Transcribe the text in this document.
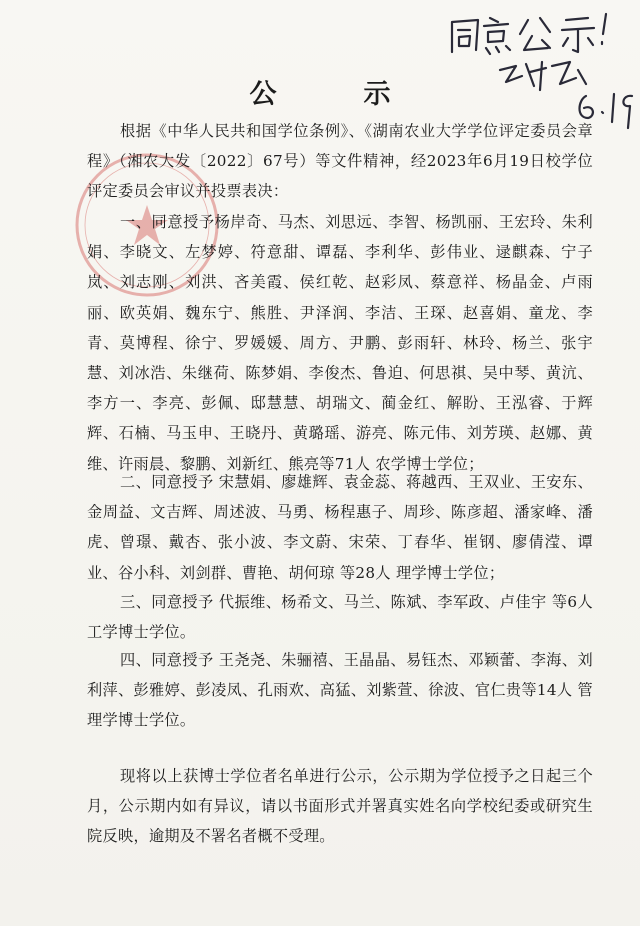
公　示

根据《中华人民共和国学位条例》、《湖南农业大学学位评定委员会章程》（湘农大发〔2022〕67号）等文件精神，经2023年6月19日校学位评定委员会审议并投票表决：

一、同意授予杨岸奇、马杰、刘思远、李智、杨凯丽、王宏玲、朱利娟、李晓文、左梦婷、符意甜、谭磊、李利华、彭伟业、逯麒森、宁子岚、刘志刚、刘洪、吝美霞、侯红乾、赵彩凤、蔡意祥、杨晶金、卢雨丽、欧英娟、魏东宁、熊胜、尹泽润、李洁、王琛、赵喜娟、童龙、李青、莫博程、徐宁、罗媛媛、周方、尹鹏、彭雨轩、林玲、杨兰、张宇慧、刘冰浩、朱继荷、陈梦娟、李俊杰、鲁迫、何思祺、吴中琴、黄沆、李方一、李亮、彭佩、邸慧慧、胡瑞文、蔺金红、解盼、王泓睿、于辉辉、石楠、马玉申、王晓丹、黄璐瑶、游亮、陈元伟、刘芳瑛、赵娜、黄维、许雨晨、黎鹏、刘新红、熊亮等71人 农学博士学位；

二、同意授予 宋慧娟、廖雄辉、袁金蕊、蒋越西、王双业、王安东、金周益、文吉辉、周述波、马勇、杨程惠子、周珍、陈彦超、潘家峰、潘虎、曾璟、戴杏、张小波、李文蔚、宋荣、丁春华、崔钢、廖倩滢、谭业、谷小科、刘剑群、曹艳、胡何琼 等28人 理学博士学位；

三、同意授予 代振维、杨希文、马兰、陈斌、李军政、卢佳宇 等6人 工学博士学位。

四、同意授予 王尧尧、朱骊禧、王晶晶、易钰杰、邓颖蕾、李海、刘利萍、彭雅婷、彭凌凤、孔雨欢、高猛、刘紫萱、徐波、官仁贵等14人 管理学博士学位。

现将以上获博士学位者名单进行公示，公示期为学位授予之日起三个月，公示期内如有异议，请以书面形式并署真实姓名向学校纪委或研究生院反映，逾期及不署名者概不受理。
